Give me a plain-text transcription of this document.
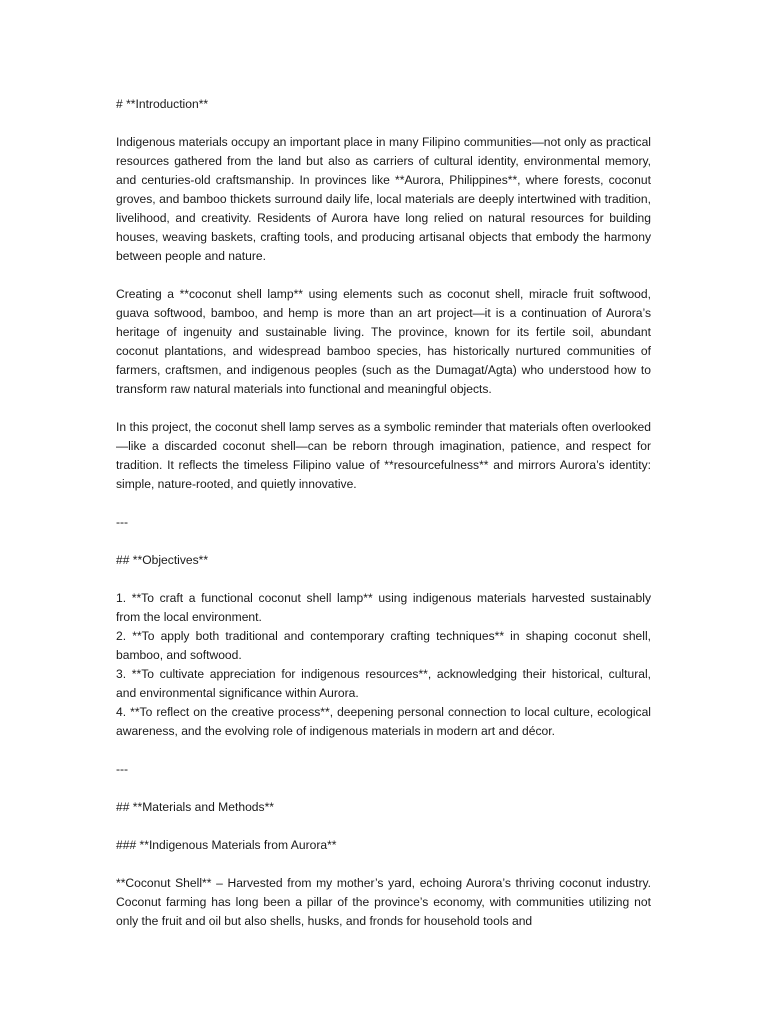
# **Introduction**

Indigenous materials occupy an important place in many Filipino communities—not only as practical resources gathered from the land but also as carriers of cultural identity, environmental memory, and centuries-old craftsmanship. In provinces like **Aurora, Philippines**, where forests, coconut groves, and bamboo thickets surround daily life, local materials are deeply intertwined with tradition, livelihood, and creativity. Residents of Aurora have long relied on natural resources for building houses, weaving baskets, crafting tools, and producing artisanal objects that embody the harmony between people and nature.

Creating a **coconut shell lamp** using elements such as coconut shell, miracle fruit softwood, guava softwood, bamboo, and hemp is more than an art project—it is a continuation of Aurora’s heritage of ingenuity and sustainable living. The province, known for its fertile soil, abundant coconut plantations, and widespread bamboo species, has historically nurtured communities of farmers, craftsmen, and indigenous peoples (such as the Dumagat/Agta) who understood how to transform raw natural materials into functional and meaningful objects.

In this project, the coconut shell lamp serves as a symbolic reminder that materials often overlooked—like a discarded coconut shell—can be reborn through imagination, patience, and respect for tradition. It reflects the timeless Filipino value of **resourcefulness** and mirrors Aurora’s identity: simple, nature-rooted, and quietly innovative.

---

## **Objectives**

1. **To craft a functional coconut shell lamp** using indigenous materials harvested sustainably from the local environment.

2. **To apply both traditional and contemporary crafting techniques** in shaping coconut shell, bamboo, and softwood.

3. **To cultivate appreciation for indigenous resources**, acknowledging their historical, cultural, and environmental significance within Aurora.

4. **To reflect on the creative process**, deepening personal connection to local culture, ecological awareness, and the evolving role of indigenous materials in modern art and décor.

---

## **Materials and Methods**

### **Indigenous Materials from Aurora**

**Coconut Shell** – Harvested from my mother’s yard, echoing Aurora’s thriving coconut industry. Coconut farming has long been a pillar of the province’s economy, with communities utilizing not only the fruit and oil but also shells, husks, and fronds for household tools and
